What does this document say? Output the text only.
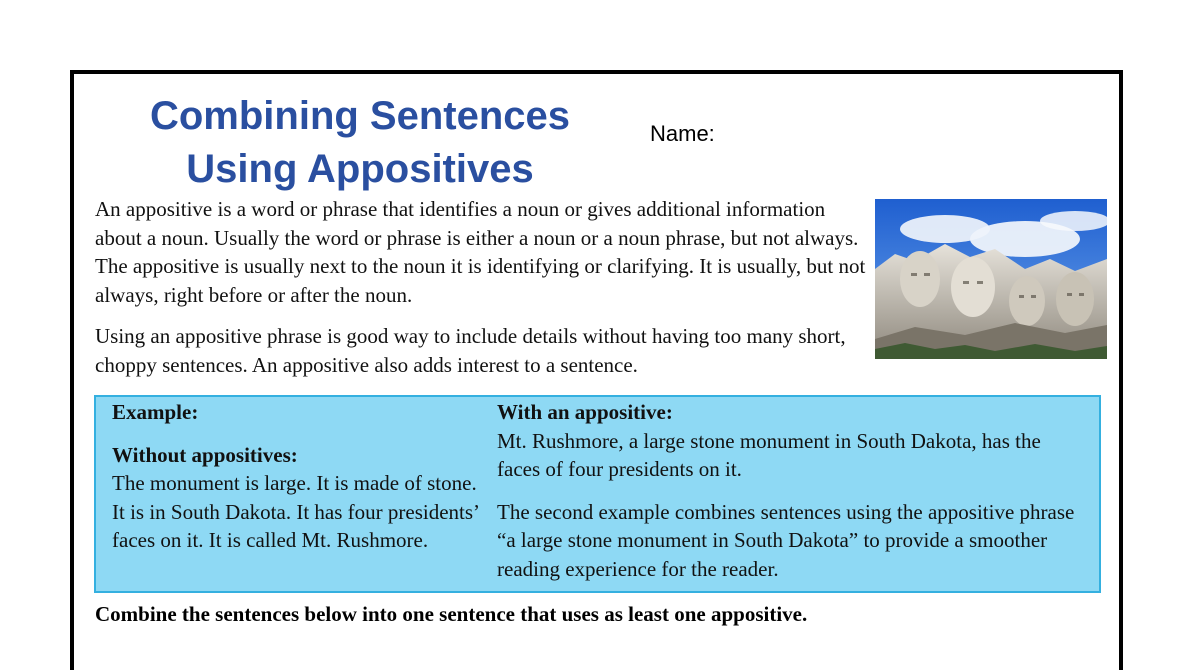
Combining Sentences
Using Appositives
Name:

An appositive is a word or phrase that identifies a noun or gives additional information about a noun. Usually the word or phrase is either a noun or a noun phrase, but not always. The appositive is usually next to the noun it is identifying or clarifying. It is usually, but not always, right before or after the noun.

Using an appositive phrase is good way to include details without having too many short, choppy sentences. An appositive also adds interest to a sentence.

Example:

Without appositives:

The monument is large. It is made of stone. It is in South Dakota. It has four presidents’ faces on it. It is called Mt. Rushmore.

With an appositive:

Mt. Rushmore, a large stone monument in South Dakota, has the faces of four presidents on it.

The second example combines sentences using the appositive phrase “a large stone monument in South Dakota” to provide a smoother reading experience for the reader.

Combine the sentences below into one sentence that uses as least one appositive.
